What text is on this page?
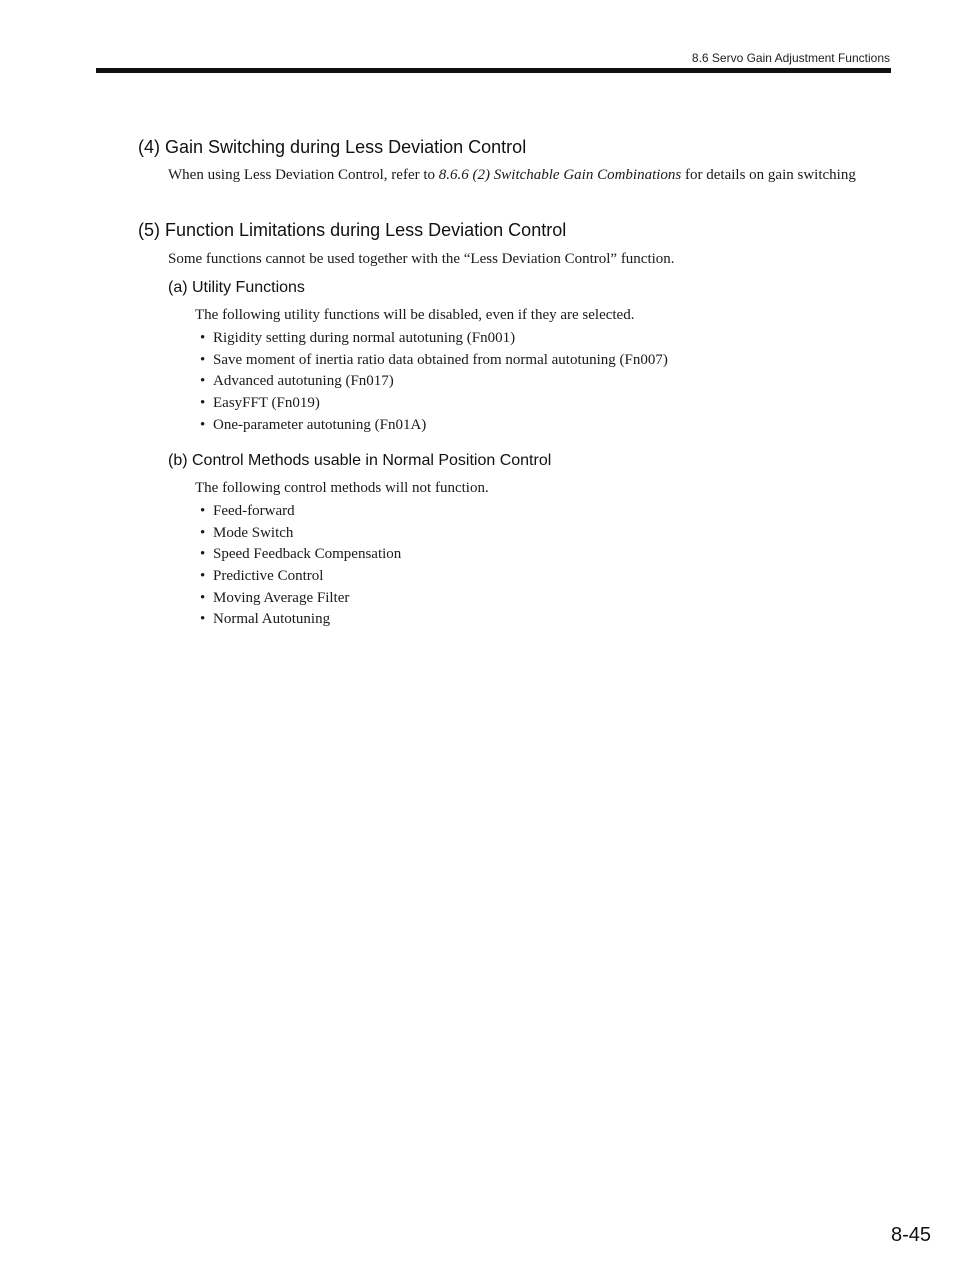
8.6 Servo Gain Adjustment Functions
(4) Gain Switching during Less Deviation Control
When using Less Deviation Control, refer to 8.6.6 (2) Switchable Gain Combinations for details on gain switching
(5) Function Limitations during Less Deviation Control
Some functions cannot be used together with the “Less Deviation Control” function.
(a) Utility Functions
The following utility functions will be disabled, even if they are selected.
• Rigidity setting during normal autotuning (Fn001)
• Save moment of inertia ratio data obtained from normal autotuning (Fn007)
• Advanced autotuning (Fn017)
• EasyFFT (Fn019)
• One-parameter autotuning (Fn01A)
(b) Control Methods usable in Normal Position Control
The following control methods will not function.
• Feed-forward
• Mode Switch
• Speed Feedback Compensation
• Predictive Control
• Moving Average Filter
• Normal Autotuning
8-45
